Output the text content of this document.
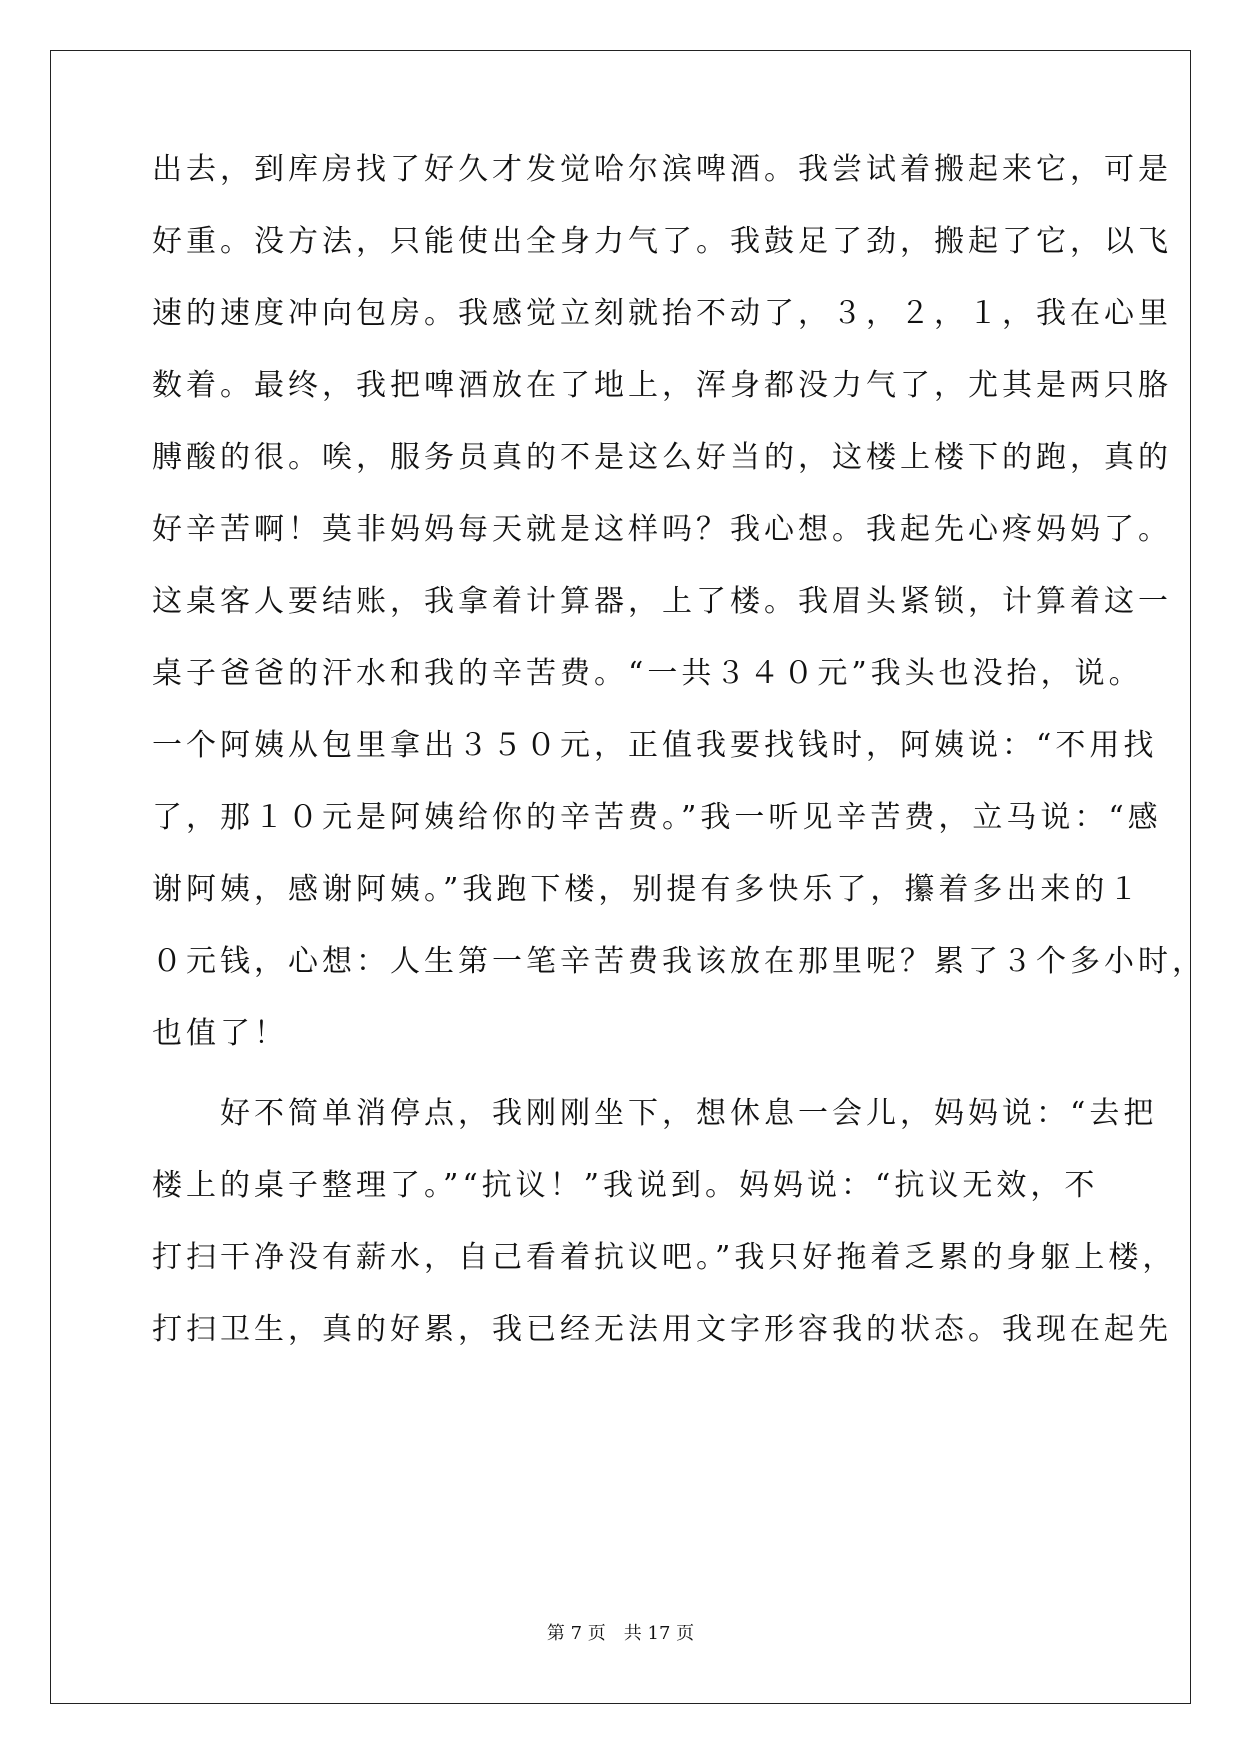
出去，到库房找了好久才发觉哈尔滨啤酒。我尝试着搬起来它，可是
好重。没方法，只能使出全身力气了。我鼓足了劲，搬起了它，以飞
速的速度冲向包房。我感觉立刻就抬不动了，３，２，１，我在心里
数着。最终，我把啤酒放在了地上，浑身都没力气了，尤其是两只胳
膊酸的很。唉，服务员真的不是这么好当的，这楼上楼下的跑，真的
好辛苦啊！莫非妈妈每天就是这样吗？我心想。我起先心疼妈妈了。
这桌客人要结账，我拿着计算器，上了楼。我眉头紧锁，计算着这一
桌子爸爸的汗水和我的辛苦费。“一共３４０元”我头也没抬，说。
一个阿姨从包里拿出３５０元，正值我要找钱时，阿姨说：“不用找
了，那１０元是阿姨给你的辛苦费。”我一听见辛苦费，立马说：“感
谢阿姨，感谢阿姨。”我跑下楼，别提有多快乐了，攥着多出来的１
０元钱，心想：人生第一笔辛苦费我该放在那里呢？累了３个多小时，
也值了！
　　好不简单消停点，我刚刚坐下，想休息一会儿，妈妈说：“去把
楼上的桌子整理了。”“抗议！”我说到。妈妈说：“抗议无效，不
打扫干净没有薪水，自己看着抗议吧。”我只好拖着乏累的身躯上楼，
打扫卫生，真的好累，我已经无法用文字形容我的状态。我现在起先
第 7 页 共 17 页
